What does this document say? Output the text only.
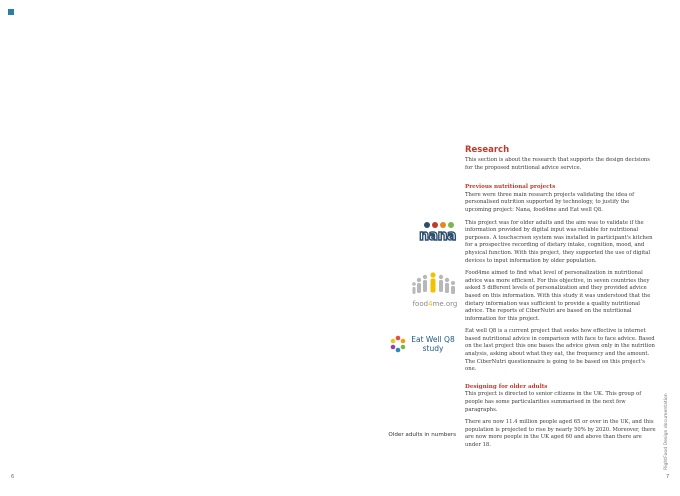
nana
food4me.org
Eat Well Q8
study
Older adults in numbers
Research

This section is about the research that supports the design decisions for the proposed nutritional advice service.

Previous nutritional projects

There were three main research projects validating the idea of personalised nutrition supported by technology, to justify the upcoming project: Nana, food4me and Eat well Q8.

This project was for older adults and the aim was to validate if the information provided by digital input was reliable for nutritional purposes. A touchscreen system was installed in participant's kitchen for a prospective recording of dietary intake, cognition, mood, and physical function. With this project, they supported the use of digital devices to input information by older population.

Food4me aimed to find what level of personalization in nutritional advice was more efficient. For this objective, in seven countries they asked 5 different levels of personalization and they provided advice based on this information. With this study it was understood that the dietary information was sufficient to provide a quality nutritional advice. The reports of CiberNutri are based on the nutritional information for this project.

Eat well Q8 is a current project that seeks how effective is internet based nutritional advice in comparison with face to face advice. Based on the last project this one bases the advice given only in the nutrition analysis, asking about what they eat, the frequency and the amount. The CiberNutri questionnaire is going to be based on this project's one.

Designing for older adults

This project is directed to senior citizens in the UK. This group of people has some particularities summarised in the next few paragraphs.

There are now 11.4 million people aged 65 or over in the UK, and this population is projected to rise by nearly 50% by 2020. Moreover, there are now more people in the UK aged 60 and above than there are under 18.

6	7
RightFood Design documentation
